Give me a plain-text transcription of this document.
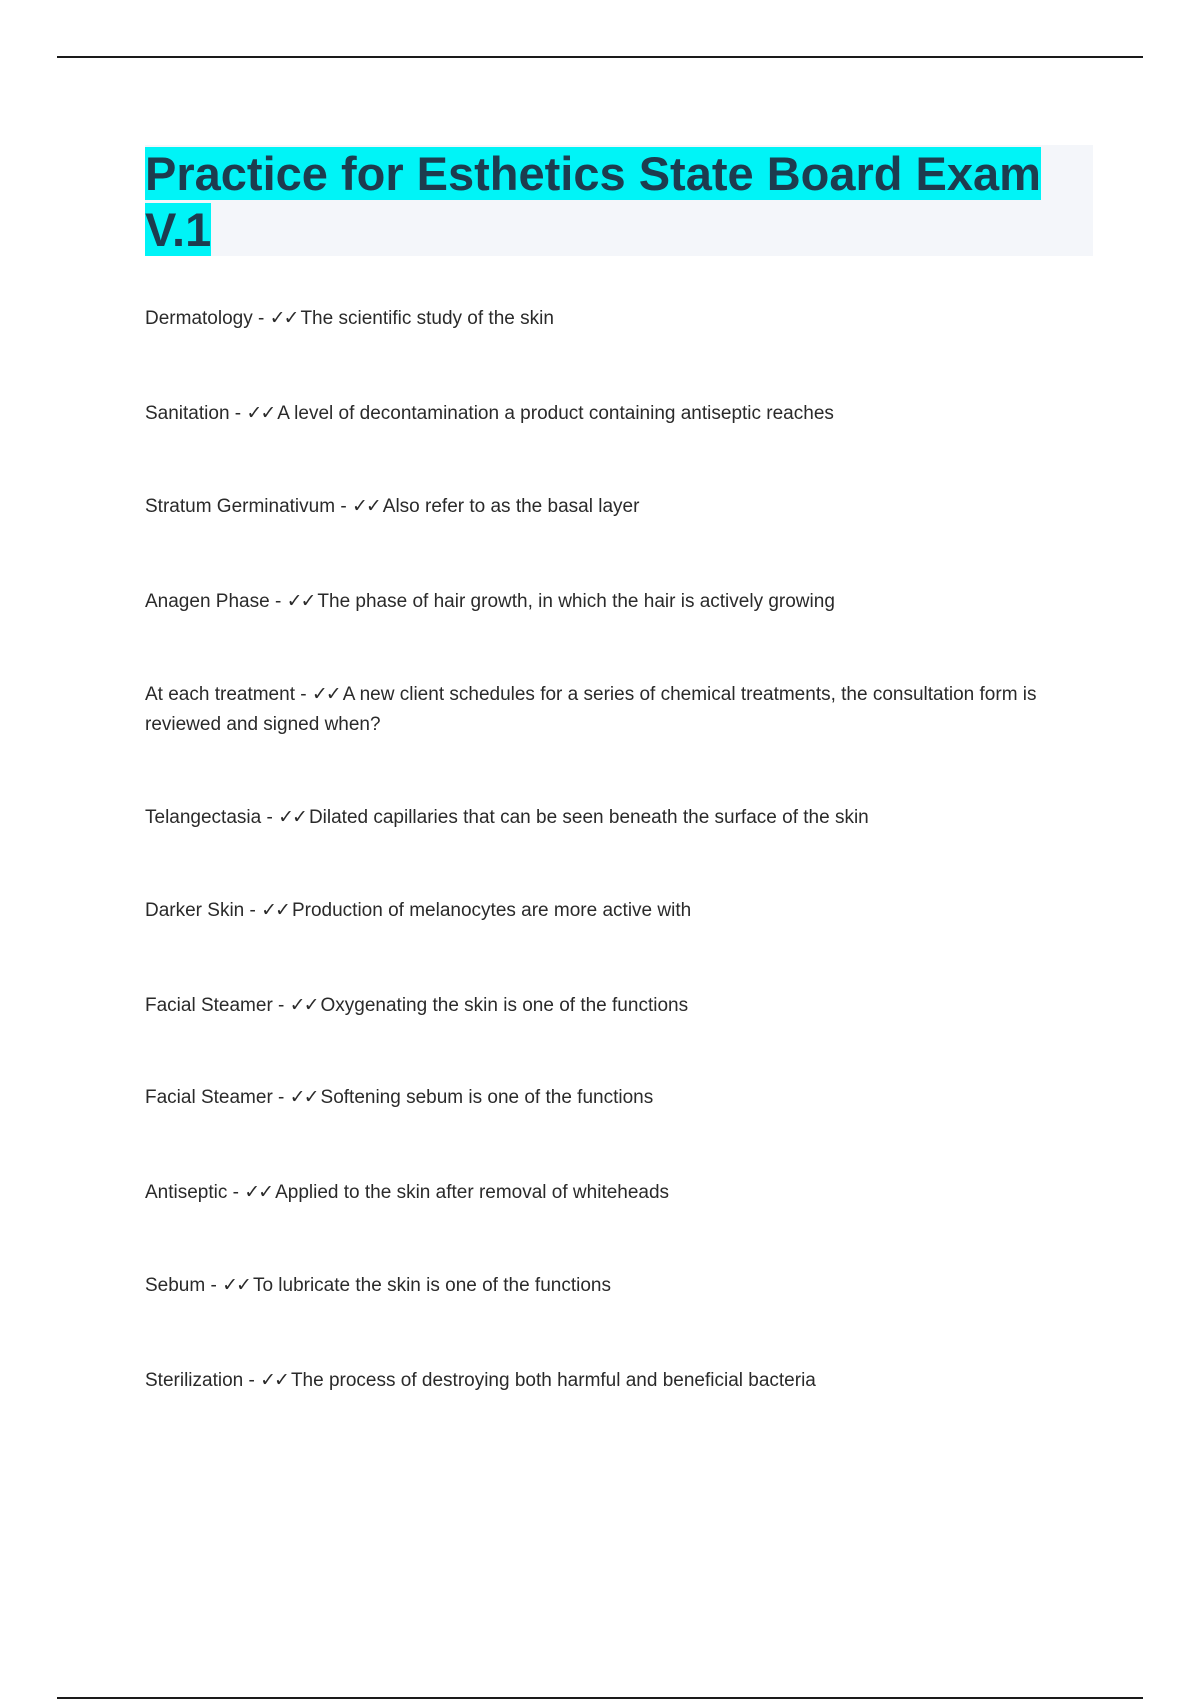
Practice for Esthetics State Board Exam V.1
Dermatology - ✓✓ The scientific study of the skin
Sanitation - ✓✓ A level of decontamination a product containing antiseptic reaches
Stratum Germinativum - ✓✓ Also refer to as the basal layer
Anagen Phase - ✓✓ The phase of hair growth, in which the hair is actively growing
At each treatment - ✓✓ A new client schedules for a series of chemical treatments, the consultation form is reviewed and signed when?
Telangectasia - ✓✓ Dilated capillaries that can be seen beneath the surface of the skin
Darker Skin - ✓✓ Production of melanocytes are more active with
Facial Steamer - ✓✓ Oxygenating the skin is one of the functions
Facial Steamer - ✓✓ Softening sebum is one of the functions
Antiseptic - ✓✓ Applied to the skin after removal of whiteheads
Sebum - ✓✓ To lubricate the skin is one of the functions
Sterilization - ✓✓ The process of destroying both harmful and beneficial bacteria
